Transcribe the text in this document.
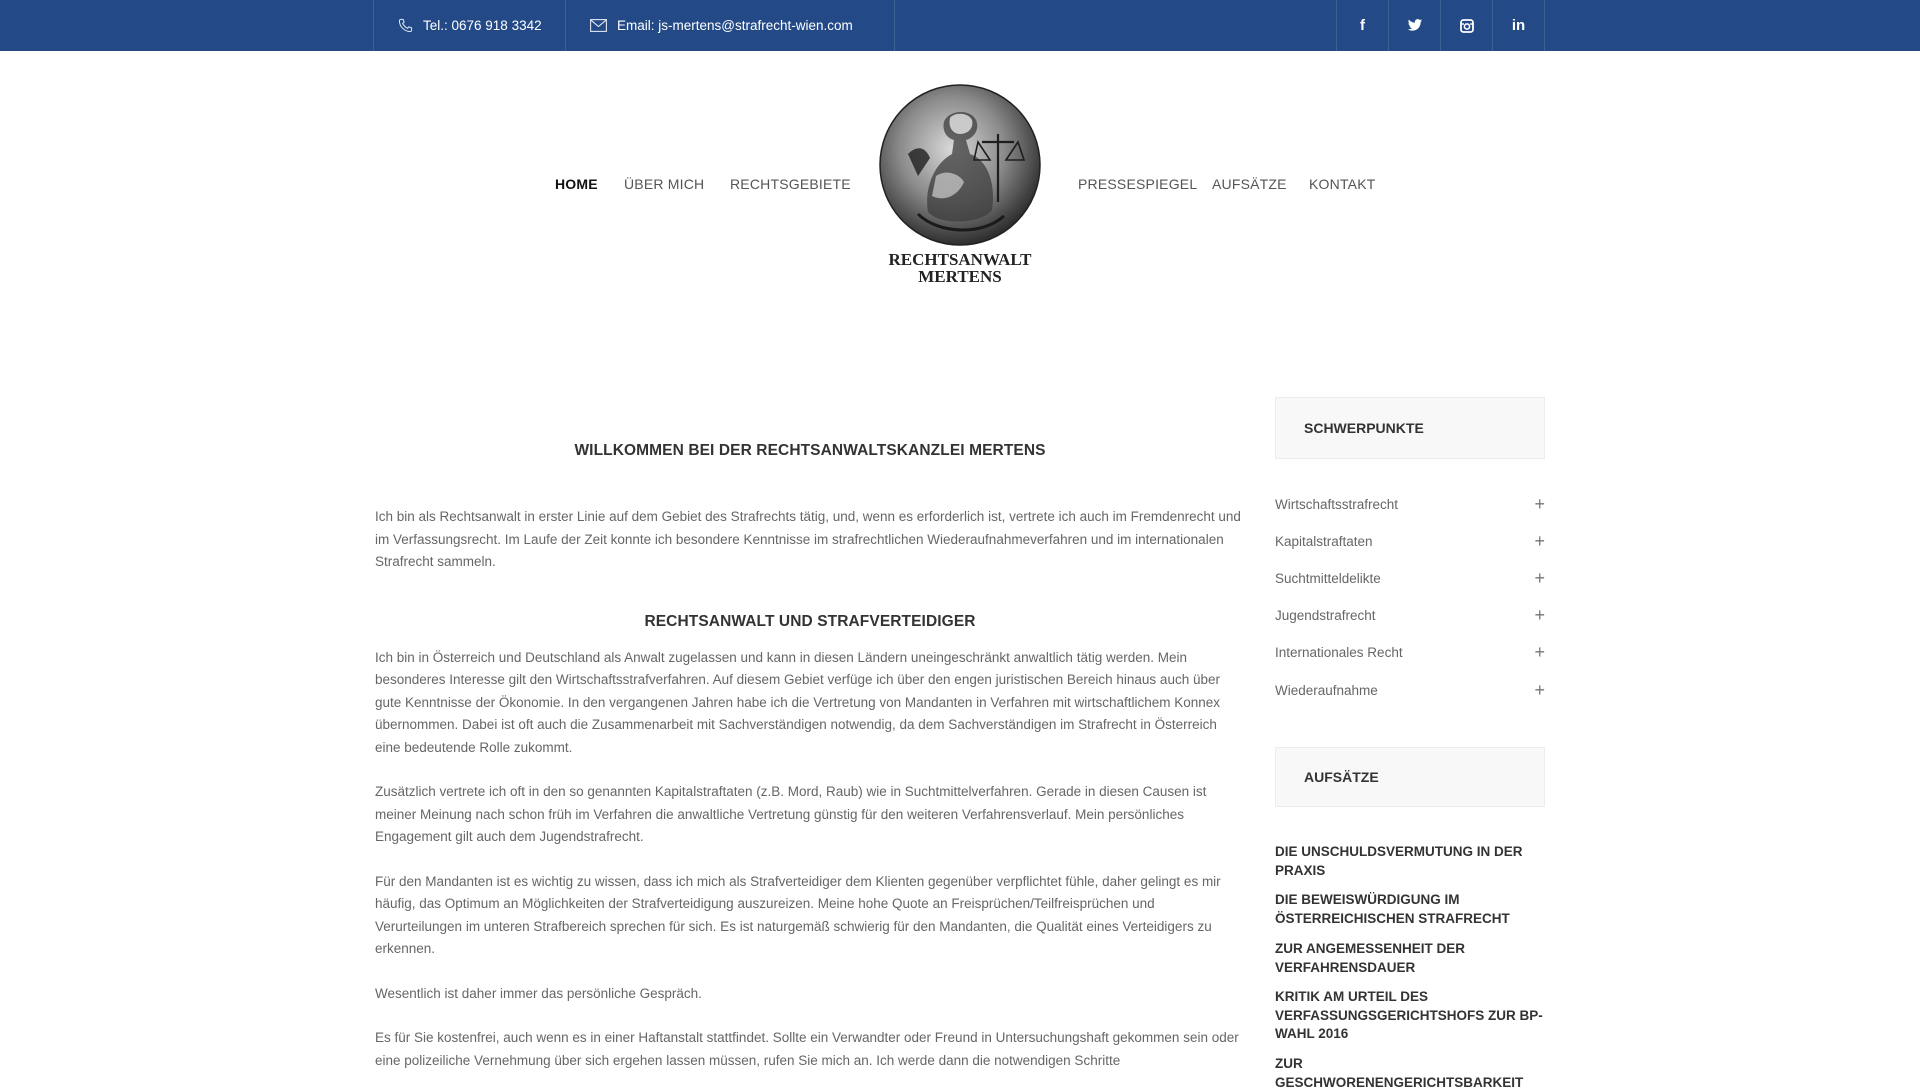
Tel.: 0676 918 3342	Email: js-mertens@strafrecht-wien.com	f	in
HOME ÜBER MICH RECHTSGEBIETE	PRESSESPIEGEL AUFSÄTZE KONTAKT
RECHTSANWALT
MERTENS
WILLKOMMEN BEI DER RECHTSANWALTSKANZLEI MERTENS

Ich bin als Rechtsanwalt in erster Linie auf dem Gebiet des Strafrechts tätig, und, wenn es erforderlich ist, vertrete ich auch im Fremdenrecht und im Verfassungsrecht. Im Laufe der Zeit konnte ich besondere Kenntnisse im strafrechtlichen Wiederaufnahmeverfahren und im internationalen Strafrecht sammeln.

RECHTSANWALT UND STRAFVERTEIDIGER

Ich bin in Österreich und Deutschland als Anwalt zugelassen und kann in diesen Ländern uneingeschränkt anwaltlich tätig werden. Mein besonderes Interesse gilt den Wirtschaftsstrafverfahren. Auf diesem Gebiet verfüge ich über den engen juristischen Bereich hinaus auch über gute Kenntnisse der Ökonomie. In den vergangenen Jahren habe ich die Vertretung von Mandanten in Verfahren mit wirtschaftlichem Konnex übernommen. Dabei ist oft auch die Zusammenarbeit mit Sachverständigen notwendig, da dem Sachverständigen im Strafrecht in Österreich eine bedeutende Rolle zukommt.

Zusätzlich vertrete ich oft in den so genannten Kapitalstraftaten (z.B. Mord, Raub) wie in Suchtmittelverfahren. Gerade in diesen Causen ist meiner Meinung nach schon früh im Verfahren die anwaltliche Vertretung günstig für den weiteren Verfahrensverlauf. Mein persönliches Engagement gilt auch dem Jugendstrafrecht.

Für den Mandanten ist es wichtig zu wissen, dass ich mich als Strafverteidiger dem Klienten gegenüber verpflichtet fühle, daher gelingt es mir häufig, das Optimum an Möglichkeiten der Strafverteidigung auszureizen. Meine hohe Quote an Freisprüchen/Teilfreisprüchen und Verurteilungen im unteren Strafbereich sprechen für sich. Es ist naturgemäß schwierig für den Mandanten, die Qualität eines Verteidigers zu erkennen.

Wesentlich ist daher immer das persönliche Gespräch.

Es für Sie kostenfrei, auch wenn es in einer Haftanstalt stattfindet. Sollte ein Verwandter oder Freund in Untersuchungshaft gekommen sein oder eine polizeiliche Vernehmung über sich ergehen lassen müssen, rufen Sie mich an. Ich werde dann die notwendigen Schritte

SCHWERPUNKTE
Wirtschaftsstrafrecht	+
Kapitalstraftaten	+
Suchtmitteldelikte	+
Jugendstrafrecht	+
Internationales Recht	+
Wiederaufnahme	+
AUFSÄTZE
DIE UNSCHULDSVERMUTUNG IN DER PRAXIS
DIE BEWEISWÜRDIGUNG IM ÖSTERREICHISCHEN STRAFRECHT
ZUR ANGEMESSENHEIT DER VERFAHRENSDAUER
KRITIK AM URTEIL DES VERFASSUNGSGERICHTSHOFS ZUR BP-WAHL 2016
ZUR GESCHWORENENGERICHTSBARKEIT
